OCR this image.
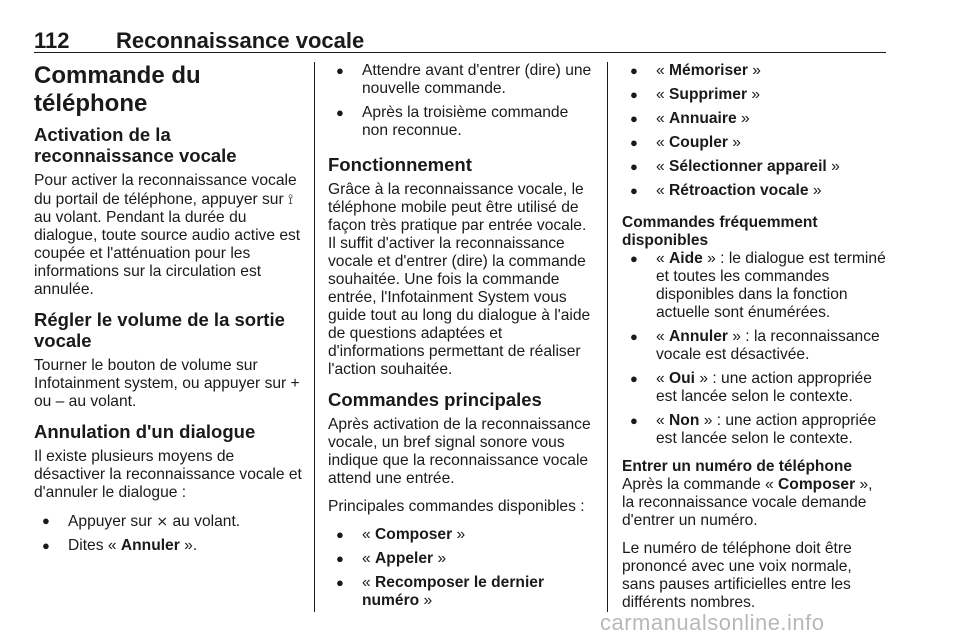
112 Reconnaissance vocale
Commande du téléphone
Activation de la reconnaissance vocale

Pour activer la reconnaissance vocale du portail de téléphone, appuyer sur ⟟ au volant. Pendant la durée du dialogue, toute source audio active est coupée et l'atténuation pour les informations sur la circulation est annulée.

Régler le volume de la sortie vocale

Tourner le bouton de volume sur Infotainment system, ou appuyer sur + ou – au volant.

Annulation d'un dialogue

Il existe plusieurs moyens de désactiver la reconnaissance vocale et d'annuler le dialogue :

● Appuyer sur ⨯ au volant.
● Dites « Annuler ».
● Attendre avant d'entrer (dire) une nouvelle commande.
● Après la troisième commande non reconnue.
Fonctionnement

Grâce à la reconnaissance vocale, le téléphone mobile peut être utilisé de façon très pratique par entrée vocale. Il suffit d'activer la reconnaissance vocale et d'entrer (dire) la commande souhaitée. Une fois la commande entrée, l'Infotainment System vous guide tout au long du dialogue à l'aide de questions adaptées et d'informations permettant de réaliser l'action souhaitée.

Commandes principales

Après activation de la reconnaissance vocale, un bref signal sonore vous indique que la reconnaissance vocale attend une entrée.

Principales commandes disponibles :

● « Composer »
● « Appeler »
● « Recomposer le dernier numéro »
● « Mémoriser »
● « Supprimer »
● « Annuaire »
● « Coupler »
● « Sélectionner appareil »
● « Rétroaction vocale »
Commandes fréquemment disponibles
● « Aide » : le dialogue est terminé et toutes les commandes disponibles dans la fonction actuelle sont énumérées.
● « Annuler » : la reconnaissance vocale est désactivée.
● « Oui » : une action appropriée est lancée selon le contexte.
● « Non » : une action appropriée est lancée selon le contexte.
Entrer un numéro de téléphone

Après la commande « Composer », la reconnaissance vocale demande d'entrer un numéro.

Le numéro de téléphone doit être prononcé avec une voix normale, sans pauses artificielles entre les différents nombres.

carmanualsonline.info
